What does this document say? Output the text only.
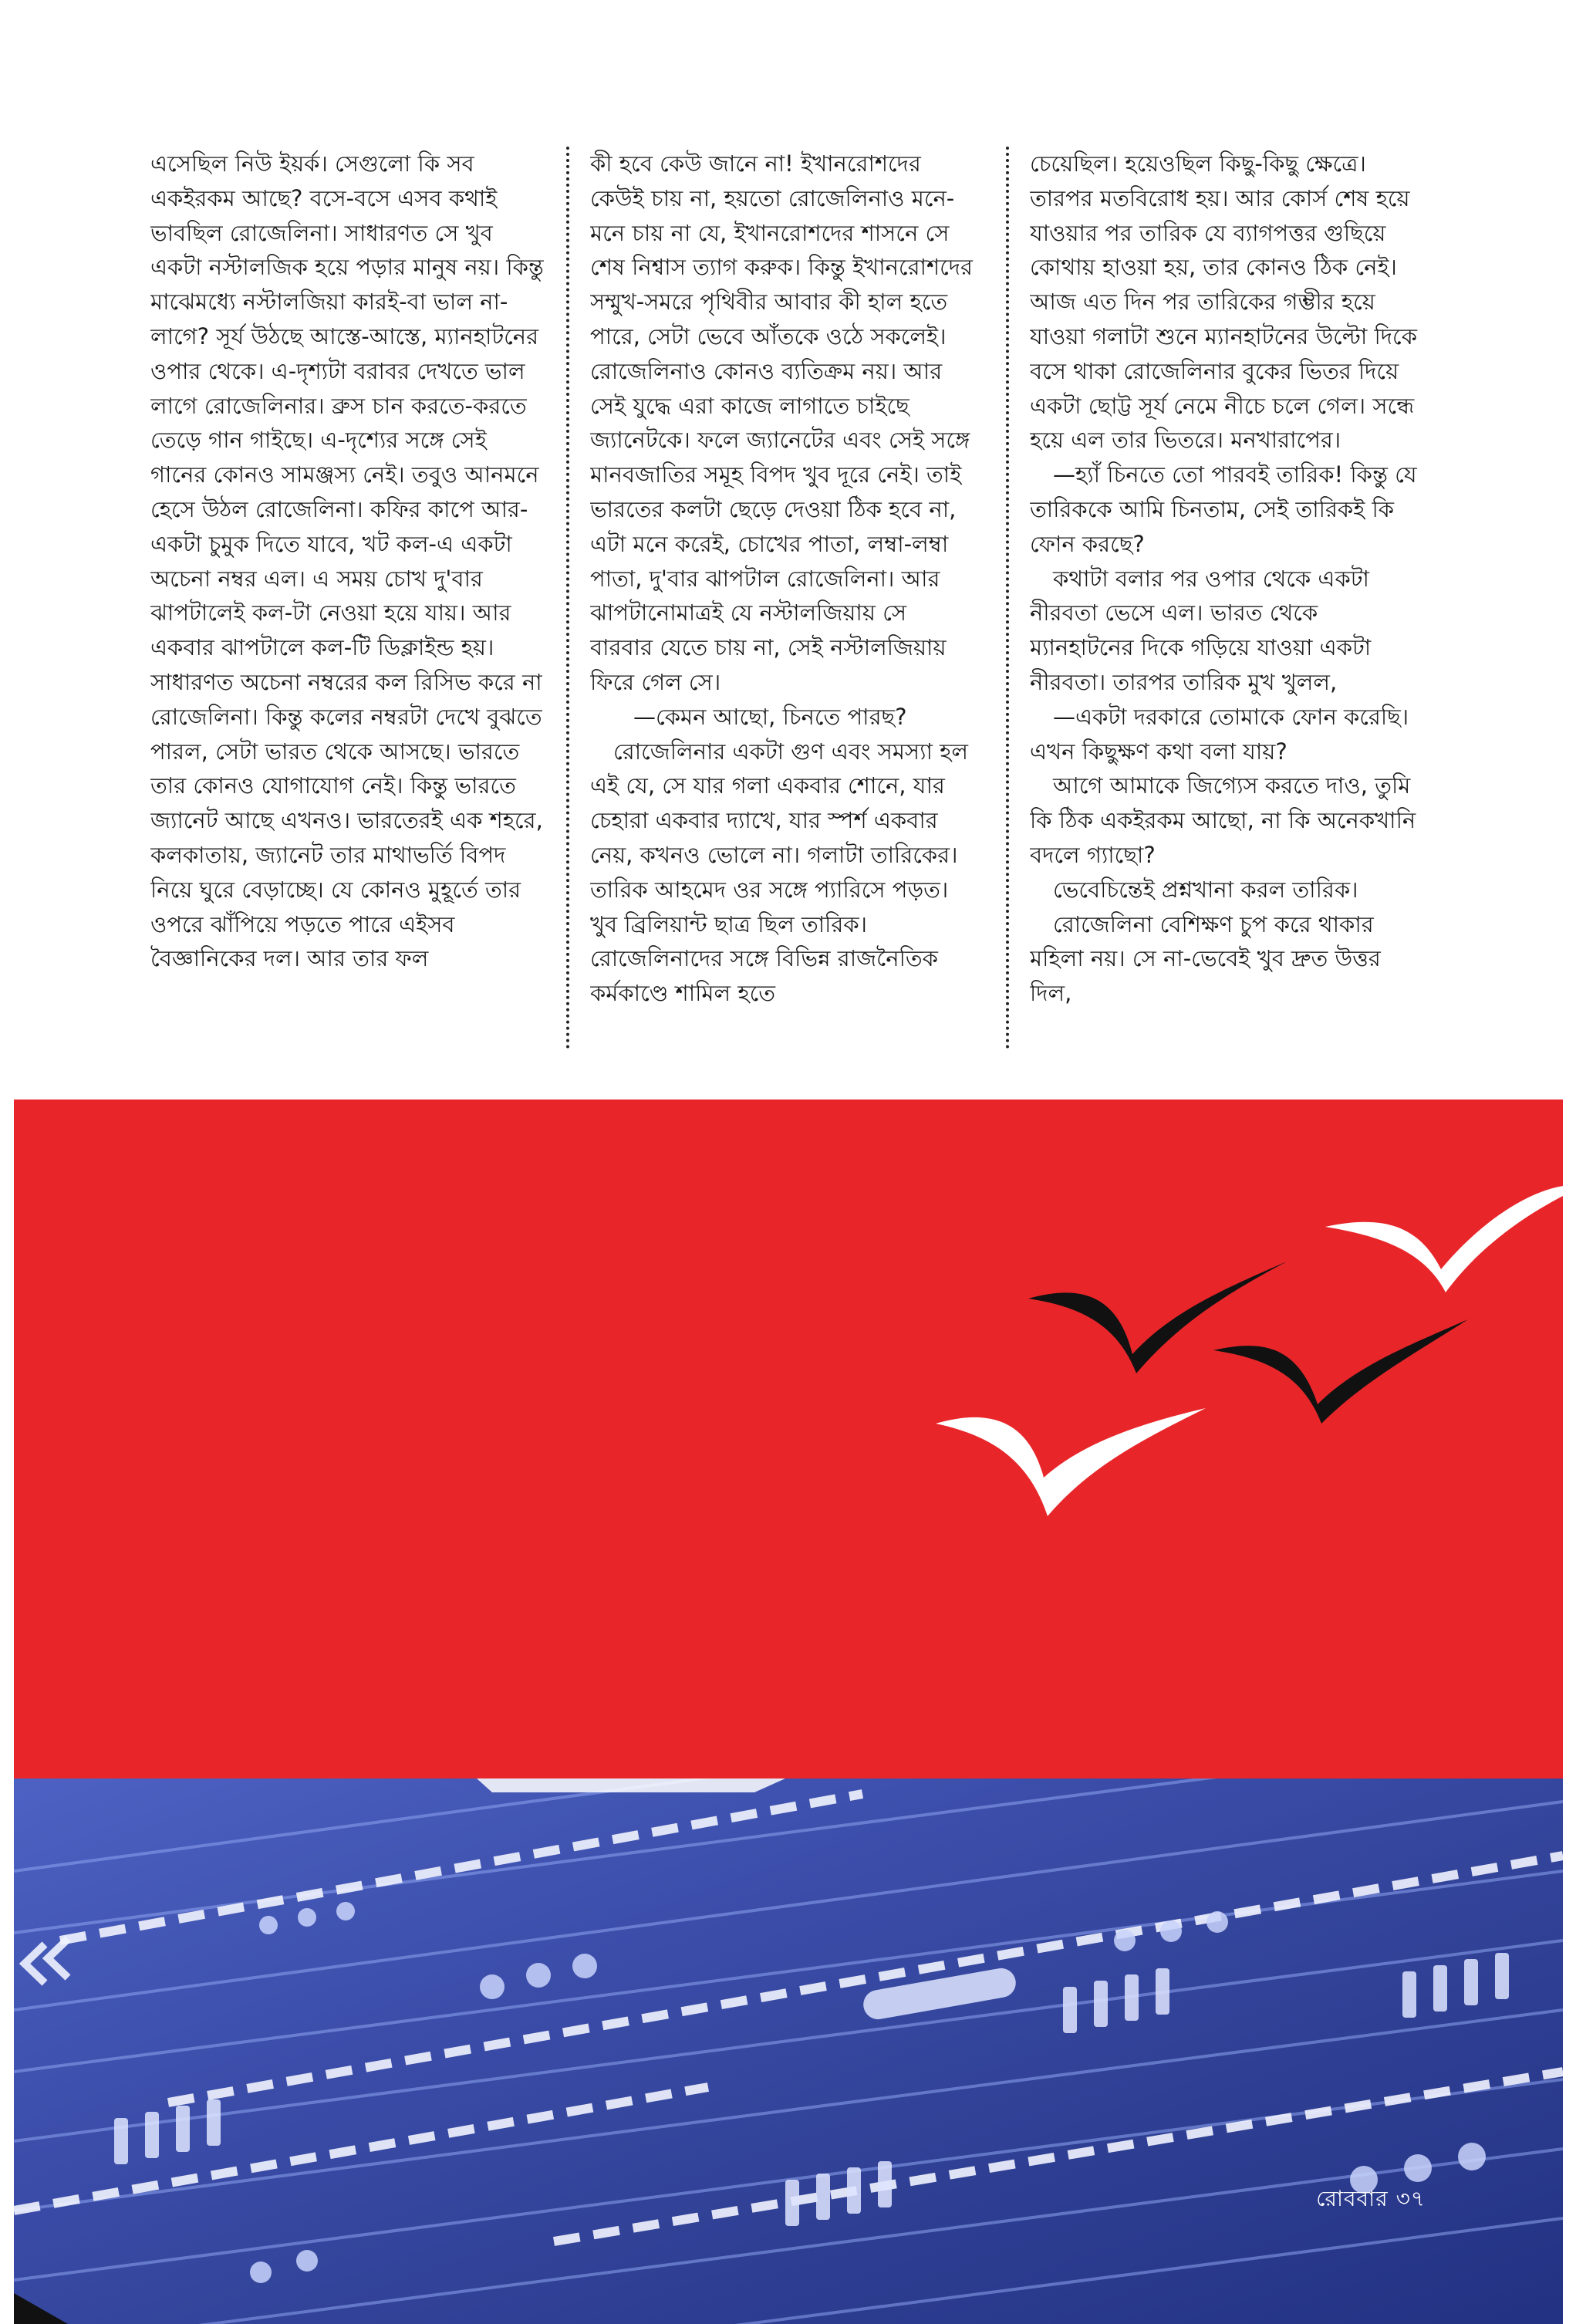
এসেছিল নিউ ইয়র্ক। সেগুলো কি সব একইরকম আছে? বসে-বসে এসব কথাই ভাবছিল রোজেলিনা। সাধারণত সে খুব একটা নস্টালজিক হয়ে পড়ার মানুষ নয়। কিন্তু মাঝেমধ্যে নস্টালজিয়া কারই-বা ভাল না-লাগে? সূর্য উঠছে আস্তে-আস্তে, ম্যানহাটনের ওপার থেকে। এ-দৃশ্যটা বরাবর দেখতে ভাল লাগে রোজেলিনার। ব্রুস চান করতে-করতে তেড়ে গান গাইছে। এ-দৃশ্যের সঙ্গে সেই গানের কোনও সামঞ্জস্য নেই। তবুও আনমনে হেসে উঠল রোজেলিনা। কফির কাপে আর-একটা চুমুক দিতে যাবে, খট কল-এ একটা অচেনা নম্বর এল। এ সময় চোখ দু'বার ঝাপটালেই কল-টা নেওয়া হয়ে যায়। আর একবার ঝাপটালে কল-টি ডিক্লাইন্ড হয়। সাধারণত অচেনা নম্বরের কল রিসিভ করে না রোজেলিনা। কিন্তু কলের নম্বরটা দেখে বুঝতে পারল, সেটা ভারত থেকে আসছে। ভারতে তার কোনও যোগাযোগ নেই। কিন্তু ভারতে জ্যানেট আছে এখনও। ভারতেরই এক শহরে, কলকাতায়, জ্যানেট তার মাথাভর্তি বিপদ নিয়ে ঘুরে বেড়াচ্ছে। যে কোনও মুহূর্তে তার ওপরে ঝাঁপিয়ে পড়তে পারে এইসব বৈজ্ঞানিকের দল। আর তার ফল

কী হবে কেউ জানে না! ইখানরোশদের কেউই চায় না, হয়তো রোজেলিনাও মনে-মনে চায় না যে, ইখানরোশদের শাসনে সে শেষ নিশ্বাস ত্যাগ করুক। কিন্তু ইখানরোশদের সম্মুখ-সমরে পৃথিবীর আবার কী হাল হতে পারে, সেটা ভেবে আঁতকে ওঠে সকলেই। রোজেলিনাও কোনও ব্যতিক্রম নয়। আর সেই যুদ্ধে এরা কাজে লাগাতে চাইছে জ্যানেটকে। ফলে জ্যানেটের এবং সেই সঙ্গে মানবজাতির সমূহ বিপদ খুব দূরে নেই। তাই ভারতের কলটা ছেড়ে দেওয়া ঠিক হবে না, এটা মনে করেই, চোখের পাতা, লম্বা-লম্বা পাতা, দু'বার ঝাপটাল রোজেলিনা। আর ঝাপটানোমাত্রই যে নস্টালজিয়ায় সে বারবার যেতে চায় না, সেই নস্টালজিয়ায় ফিরে গেল সে।

—কেমন আছো, চিনতে পারছ?

রোজেলিনার একটা গুণ এবং সমস্যা হল এই যে, সে যার গলা একবার শোনে, যার চেহারা একবার দ্যাখে, যার স্পর্শ একবার নেয়, কখনও ভোলে না। গলাটা তারিকের। তারিক আহমেদ ওর সঙ্গে প্যারিসে পড়ত। খুব ব্রিলিয়ান্ট ছাত্র ছিল তারিক। রোজেলিনাদের সঙ্গে বিভিন্ন রাজনৈতিক কর্মকাণ্ডে শামিল হতে

চেয়েছিল। হয়েওছিল কিছু-কিছু ক্ষেত্রে। তারপর মতবিরোধ হয়। আর কোর্স শেষ হয়ে যাওয়ার পর তারিক যে ব্যাগপত্তর গুছিয়ে কোথায় হাওয়া হয়, তার কোনও ঠিক নেই। আজ এত দিন পর তারিকের গম্ভীর হয়ে যাওয়া গলাটা শুনে ম্যানহাটনের উল্টো দিকে বসে থাকা রোজেলিনার বুকের ভিতর দিয়ে একটা ছোট্ট সূর্য নেমে নীচে চলে গেল। সন্ধে হয়ে এল তার ভিতরে। মনখারাপের।

—হ্যাঁ চিনতে তো পারবই তারিক! কিন্তু যে তারিককে আমি চিনতাম, সেই তারিকই কি ফোন করছে?

কথাটা বলার পর ওপার থেকে একটা নীরবতা ভেসে এল। ভারত থেকে ম্যানহাটনের দিকে গড়িয়ে যাওয়া একটা নীরবতা। তারপর তারিক মুখ খুলল,

—একটা দরকারে তোমাকে ফোন করেছি। এখন কিছুক্ষণ কথা বলা যায়?

আগে আমাকে জিগ্যেস করতে দাও, তুমি কি ঠিক একইরকম আছো, না কি অনেকখানি বদলে গ্যাছো?

ভেবেচিন্তেই প্রশ্নখানা করল তারিক।

রোজেলিনা বেশিক্ষণ চুপ করে থাকার মহিলা নয়। সে না-ভেবেই খুব দ্রুত উত্তর দিল,

রোববার ৩৭
